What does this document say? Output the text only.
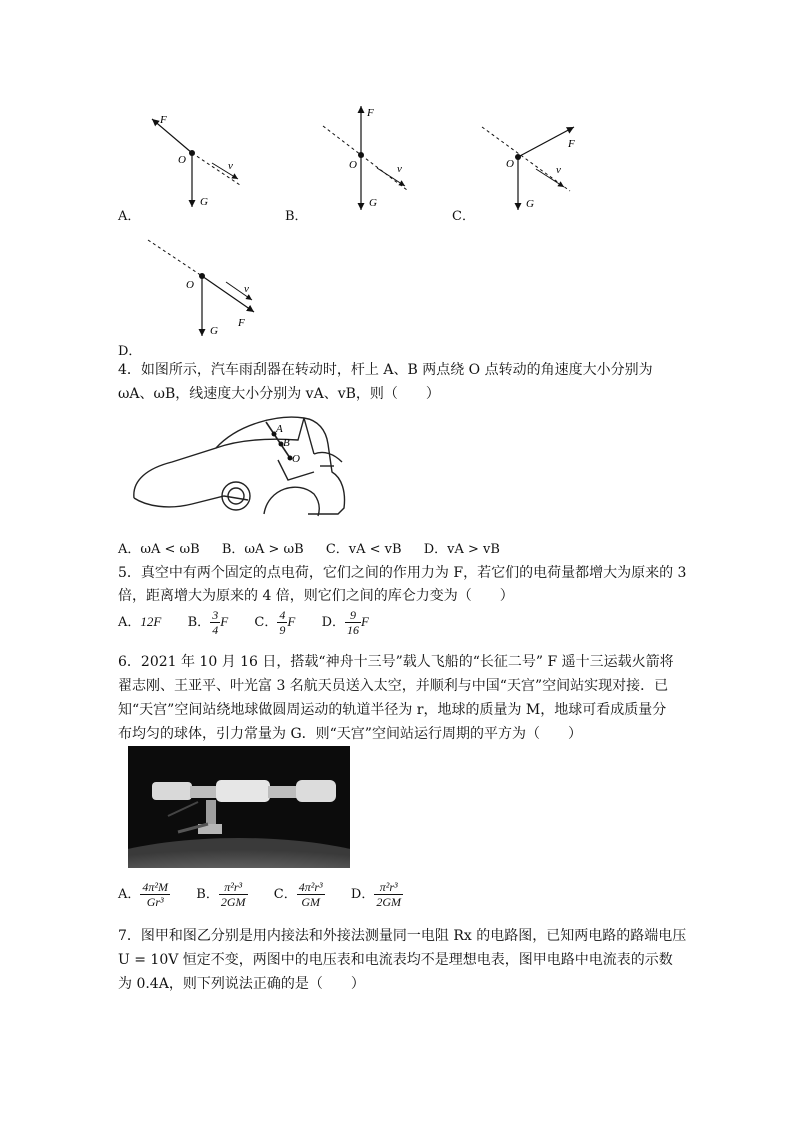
F
O	v
G
A．
F
O	v
G
B．
F
O	v
G
C．
O	v
F
G
D．
4．如图所示，汽车雨刮器在转动时，杆上 A、B 两点绕 O 点转动的角速度大小分别为
ωA、ωB，线速度大小分别为 vA、vB，则（　　）
A
B
O
A．ωA < ωB B．ωA > ωB C．vA < vB D．vA > vB
5．真空中有两个固定的点电荷，它们之间的作用力为 F，若它们的电荷量都增大为原来的 3
倍，距离增大为原来的 4 倍，则它们之间的库仑力变为（　　）
A．12F B． $\frac{3}{4}$ F C． $\frac{4}{9}$ F D． $\frac{9}{16}$ F
6．2021 年 10 月 16 日，搭载“神舟十三号”载人飞船的“长征二号” F 遥十三运载火箭将
翟志刚、王亚平、叶光富 3 名航天员送入太空，并顺利与中国“天宫”空间站实现对接．已
知“天宫”空间站绕地球做圆周运动的轨道半径为 r，地球的质量为 M，地球可看成质量分
布均匀的球体，引力常量为 G．则“天宫”空间站运行周期的平方为（　　）
A． $\frac{\text{4π²M}}{\text{Gr³}}$ B． $\frac{\text{π²r³}}{2GM}$ C． $\frac{\text{4π²r³}}{GM}$ D． $\frac{\text{π²r³}}{2GM}$
7．图甲和图乙分别是用内接法和外接法测量同一电阻 Rx 的电路图，已知两电路的路端电压
U = 10V 恒定不变，两图中的电压表和电流表均不是理想电表，图甲电路中电流表的示数
为 0.4A，则下列说法正确的是（　　）
